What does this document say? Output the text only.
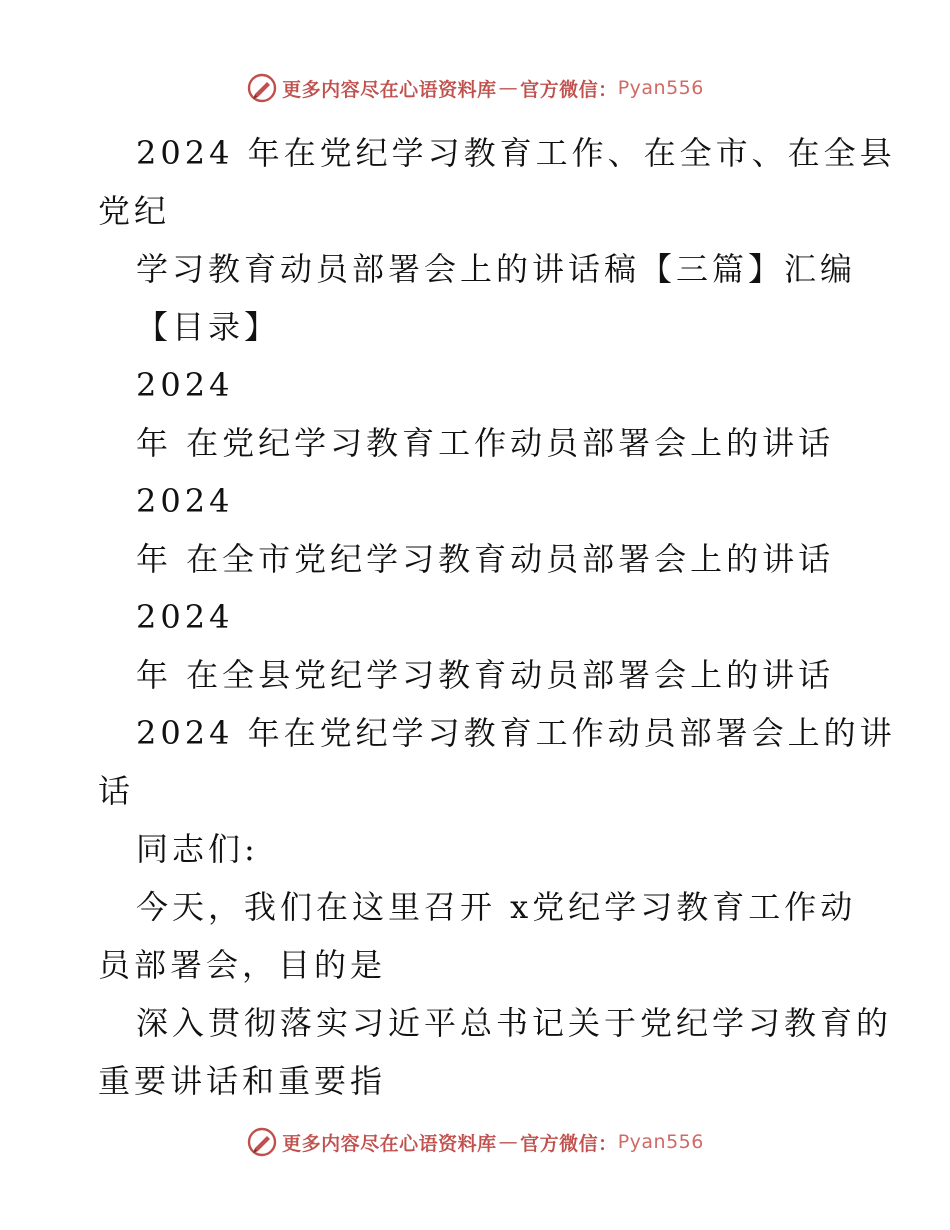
更多内容尽在心语资料库 — 官方微信： Pyan556
2024 年在党纪学习教育工作、在全市、在全县
党纪
学习教育动员部署会上的讲话稿【三篇】汇编
【目录】
2024
年 在党纪学习教育工作动员部署会上的讲话
2024
年 在全市党纪学习教育动员部署会上的讲话
2024
年 在全县党纪学习教育动员部署会上的讲话
2024 年在党纪学习教育工作动员部署会上的讲
话
同志们:
今天，我们在这里召开 x党纪学习教育工作动
员部署会，目的是
深入贯彻落实习近平总书记关于党纪学习教育的
重要讲话和重要指
更多内容尽在心语资料库 — 官方微信： Pyan556
